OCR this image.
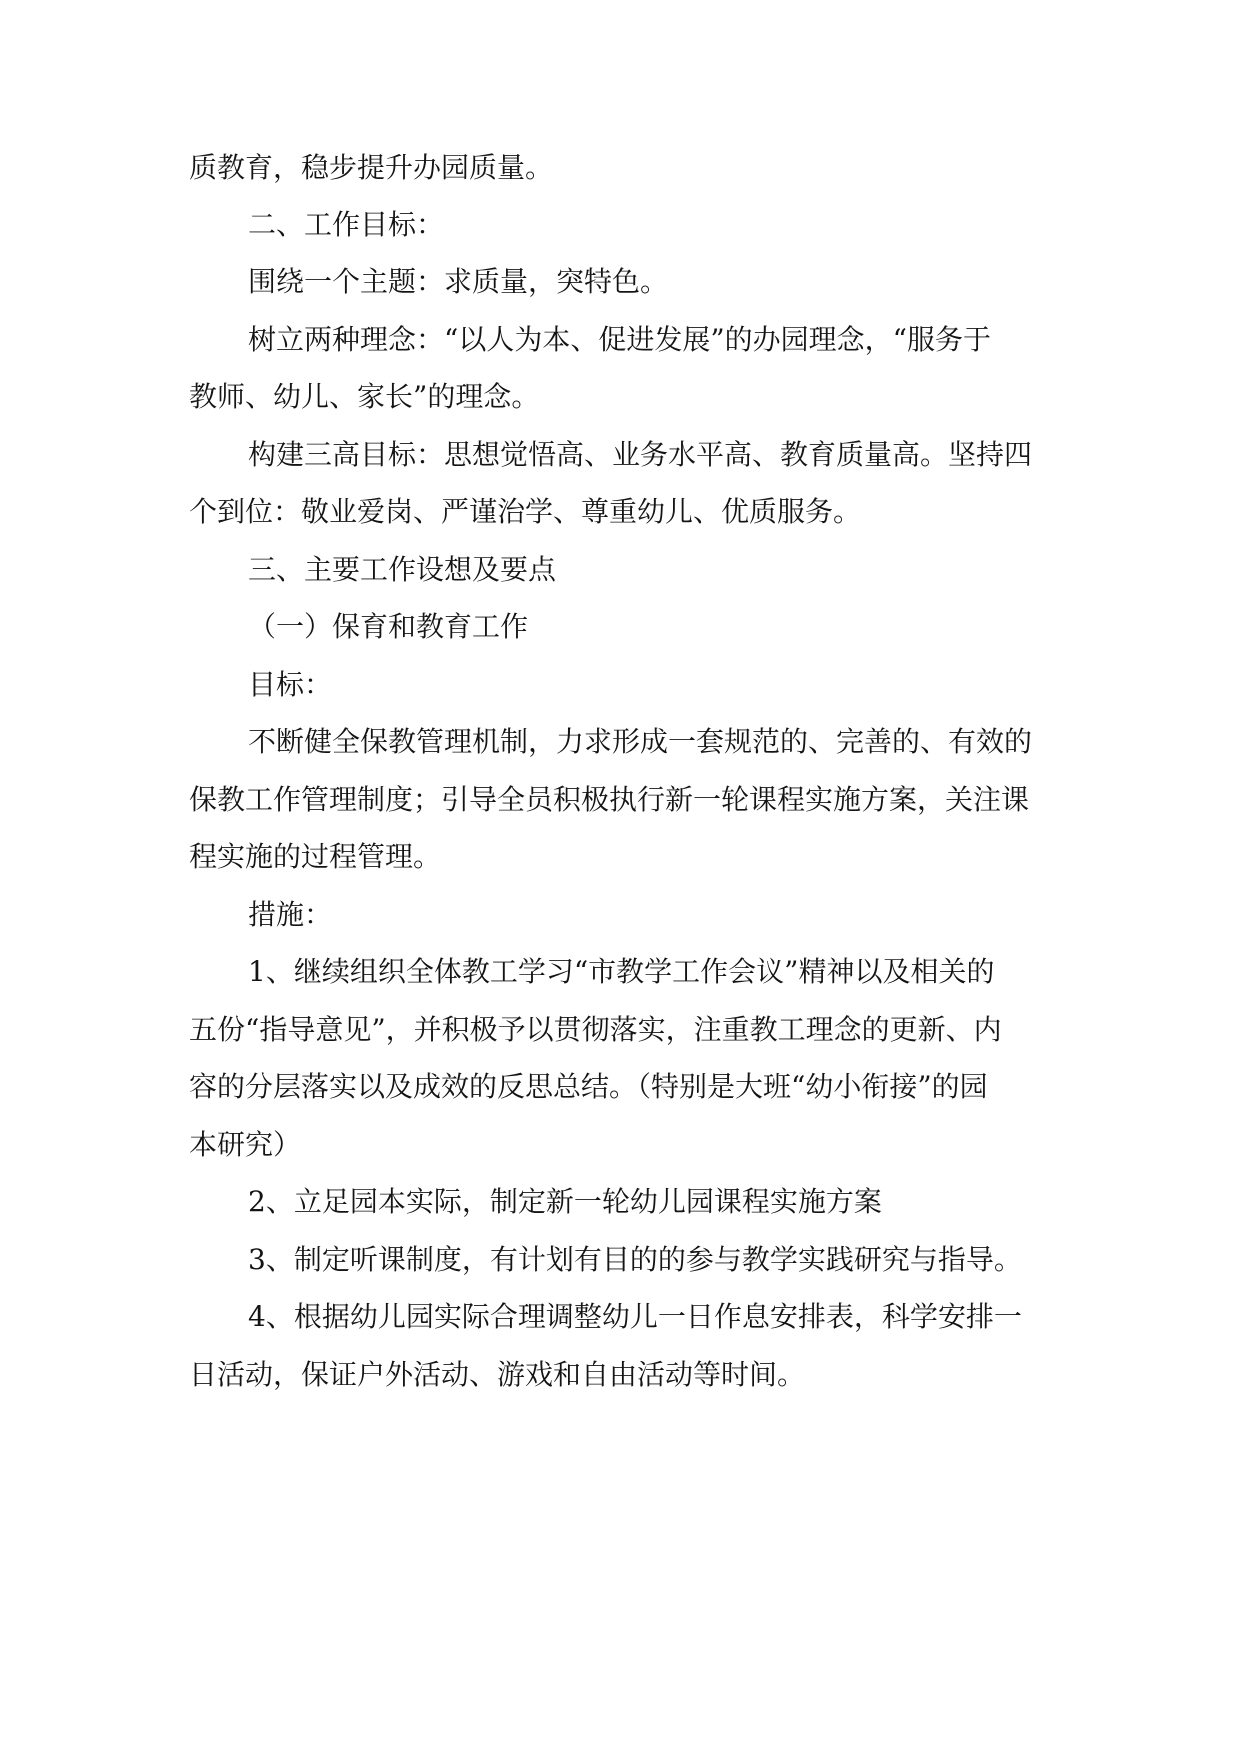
质教育，稳步提升办园质量。
二、工作目标：
围绕一个主题：求质量，突特色。
树立两种理念：“以人为本、促进发展”的办园理念，“服务于
教师、幼儿、家长”的理念。
构建三高目标：思想觉悟高、业务水平高、教育质量高。坚持四
个到位：敬业爱岗、严谨治学、尊重幼儿、优质服务。
三、主要工作设想及要点
（一）保育和教育工作
目标：
不断健全保教管理机制，力求形成一套规范的、完善的、有效的
保教工作管理制度；引导全员积极执行新一轮课程实施方案，关注课
程实施的过程管理。
措施：
1、继续组织全体教工学习“市教学工作会议”精神以及相关的
五份“指导意见”，并积极予以贯彻落实，注重教工理念的更新、内
容的分层落实以及成效的反思总结。（特别是大班“幼小衔接”的园
本研究）
2、立足园本实际，制定新一轮幼儿园课程实施方案
3、制定听课制度，有计划有目的的参与教学实践研究与指导。
4、根据幼儿园实际合理调整幼儿一日作息安排表，科学安排一
日活动，保证户外活动、游戏和自由活动等时间。
